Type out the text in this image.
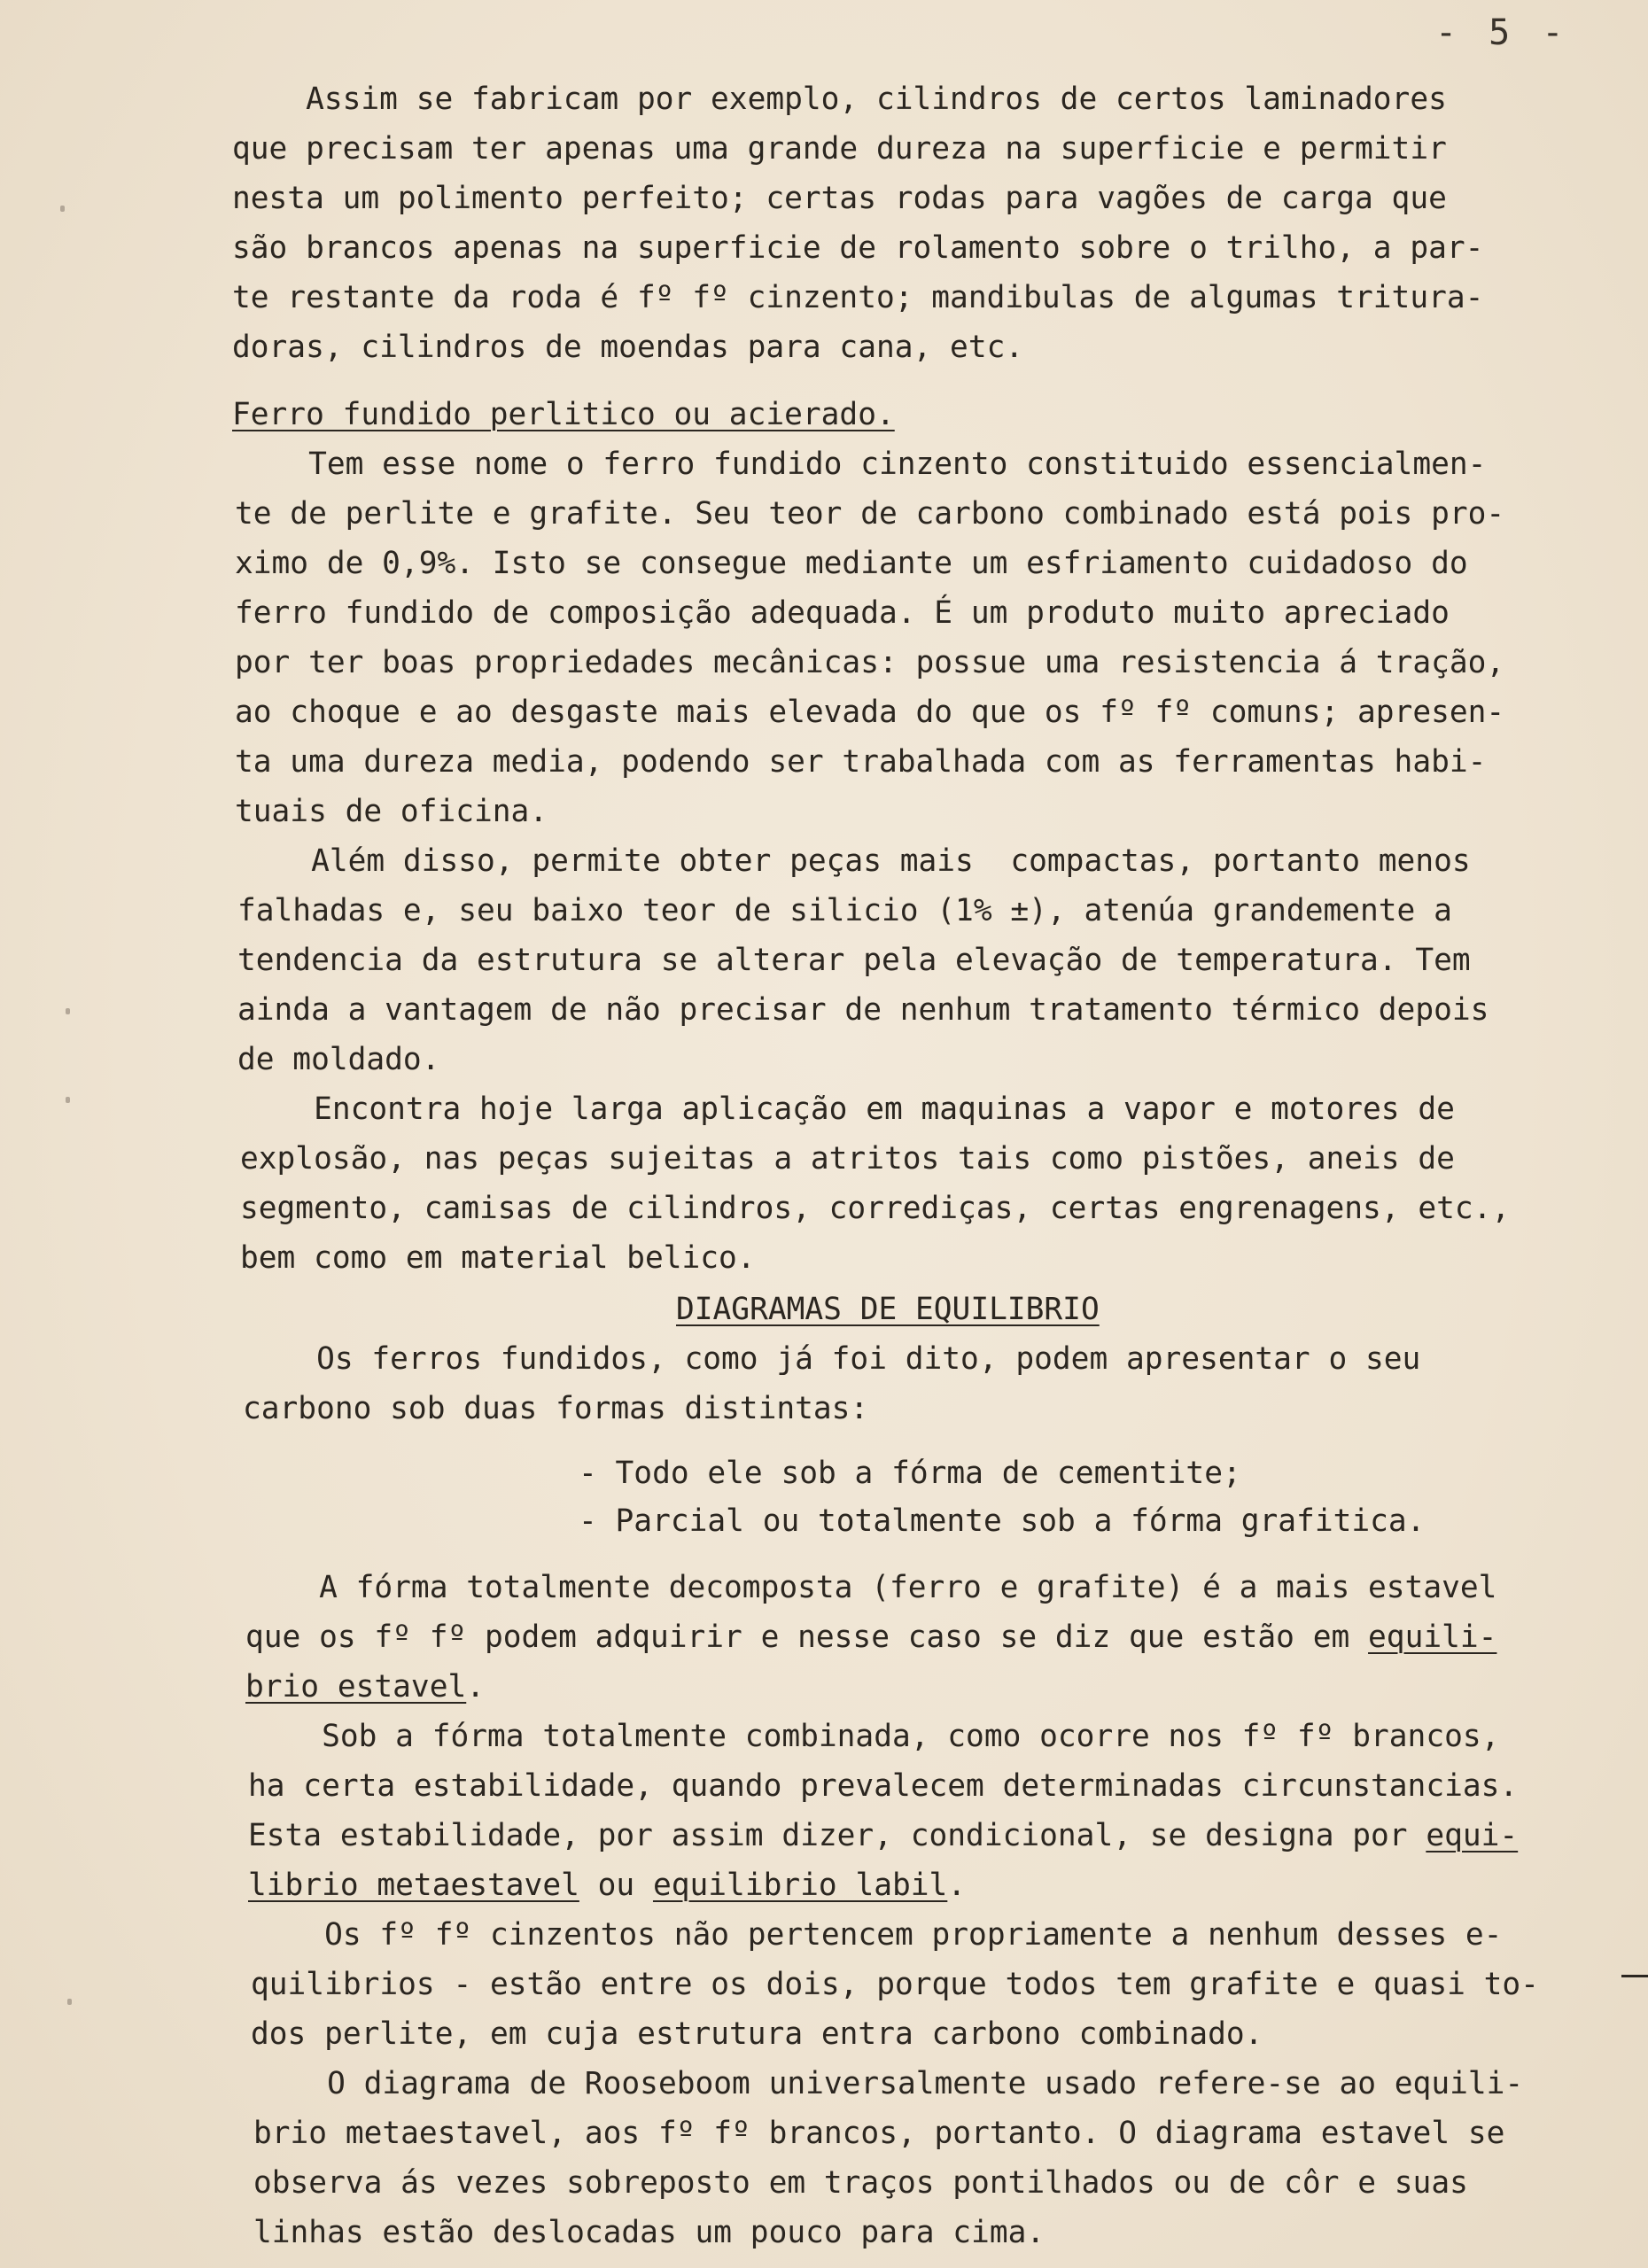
- 5 -
Assim se fabricam por exemplo, cilindros de certos laminadores
que precisam ter apenas uma grande dureza na superficie e permitir
nesta um polimento perfeito; certas rodas para vagões de carga que
são brancos apenas na superficie de rolamento sobre o trilho, a par-
te restante da roda é fº fº cinzento; mandibulas de algumas tritura-
doras, cilindros de moendas para cana, etc.
Ferro fundido perlitico ou acierado.
Tem esse nome o ferro fundido cinzento constituido essencialmen-
te de perlite e grafite. Seu teor de carbono combinado está pois pro-
ximo de 0,9%. Isto se consegue mediante um esfriamento cuidadoso do
ferro fundido de composição adequada. É um produto muito apreciado
por ter boas propriedades mecânicas: possue uma resistencia á tração,
ao choque e ao desgaste mais elevada do que os fº fº comuns; apresen-
ta uma dureza media, podendo ser trabalhada com as ferramentas habi-
tuais de oficina.
Além disso, permite obter peças mais  compactas, portanto menos
falhadas e, seu baixo teor de silicio (1% ±), atenúa grandemente a
tendencia da estrutura se alterar pela elevação de temperatura. Tem
ainda a vantagem de não precisar de nenhum tratamento térmico depois
de moldado.
Encontra hoje larga aplicação em maquinas a vapor e motores de
explosão, nas peças sujeitas a atritos tais como pistões, aneis de
segmento, camisas de cilindros, corrediças, certas engrenagens, etc.,
bem como em material belico.
DIAGRAMAS DE EQUILIBRIO
Os ferros fundidos, como já foi dito, podem apresentar o seu
carbono sob duas formas distintas:
- Todo ele sob a fórma de cementite;
- Parcial ou totalmente sob a fórma grafitica.
A fórma totalmente decomposta (ferro e grafite) é a mais estavel
que os fº fº podem adquirir e nesse caso se diz que estão em equili-
brio estavel.
Sob a fórma totalmente combinada, como ocorre nos fº fº brancos,
ha certa estabilidade, quando prevalecem determinadas circunstancias.
Esta estabilidade, por assim dizer, condicional, se designa por equi-
librio metaestavel ou equilibrio labil.
Os fº fº cinzentos não pertencem propriamente a nenhum desses e-
quilibrios - estão entre os dois, porque todos tem grafite e quasi to-
dos perlite, em cuja estrutura entra carbono combinado.
O diagrama de Rooseboom universalmente usado refere-se ao equili-
brio metaestavel, aos fº fº brancos, portanto. O diagrama estavel se
observa ás vezes sobreposto em traços pontilhados ou de côr e suas
linhas estão deslocadas um pouco para cima.
